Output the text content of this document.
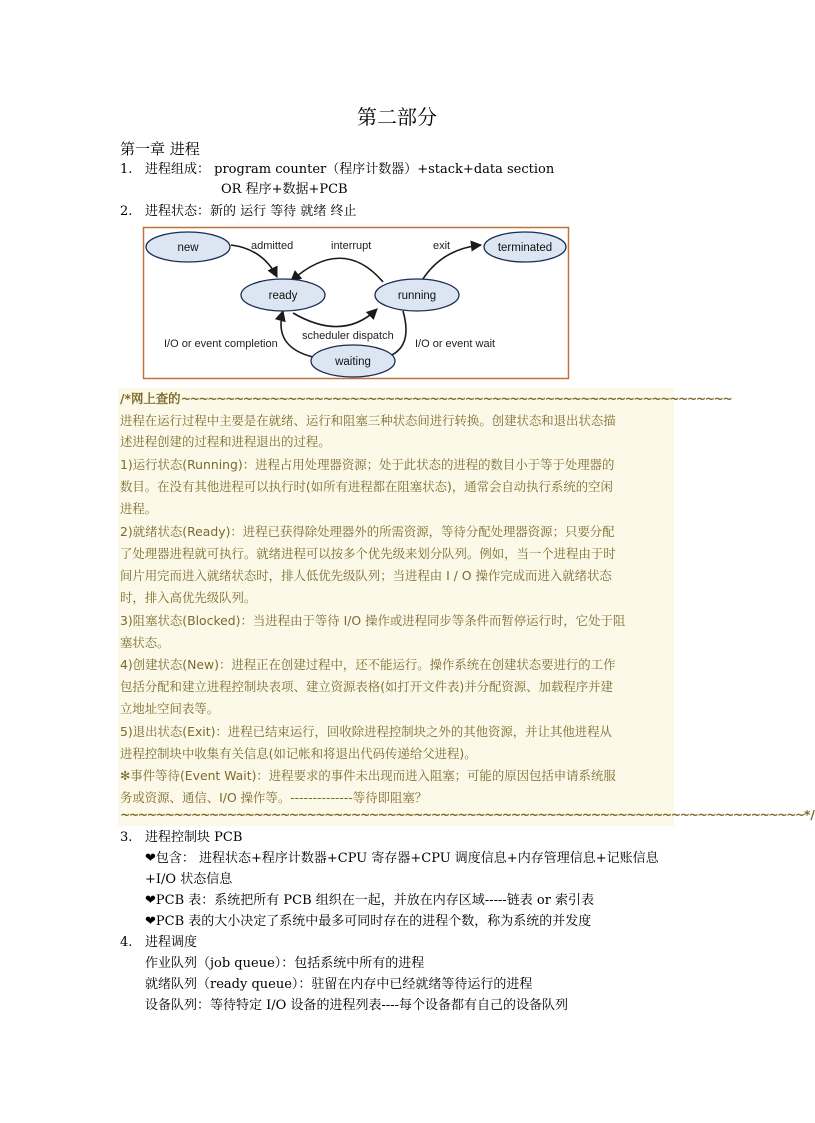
第二部分
第一章 进程
1. 进程组成： program counter（程序计数器）+stack+data section
OR 程序+数据+PCB
2. 进程状态：新的 运行 等待 就绪 终止
new
ready	running
terminated
waiting
admitted	interrupt	exit
scheduler dispatch
I/O or event completion	I/O or event wait
/*网上查的~~~~~~~~~~~~~~~~~~~~~~~~~~~~~~~~~~~~~~~~~~~~~~~~~~~~~~~~~~~~~~
进程在运行过程中主要是在就绪、运行和阻塞三种状态间进行转换。创建状态和退出状态描
述进程创建的过程和进程退出的过程。
1)运行状态(Running)：进程占用处理器资源；处于此状态的进程的数目小于等于处理器的
数目。在没有其他进程可以执行时(如所有进程都在阻塞状态)，通常会自动执行系统的空闲
进程。
2)就绪状态(Ready)：进程已获得除处理器外的所需资源，等待分配处理器资源；只要分配
了处理器进程就可执行。就绪进程可以按多个优先级来划分队列。例如，当一个进程由于时
间片用完而进入就绪状态时，排人低优先级队列；当进程由 I / O 操作完成而进入就绪状态
时，排入高优先级队列。
3)阻塞状态(Blocked)：当进程由于等待 I/O 操作或进程同步等条件而暂停运行时，它处于阻
塞状态。
4)创建状态(New)：进程正在创建过程中，还不能运行。操作系统在创建状态要进行的工作
包括分配和建立进程控制块表项、建立资源表格(如打开文件表)并分配资源、加载程序并建
立地址空间表等。
5)退出状态(Exit)：进程已结束运行，回收除进程控制块之外的其他资源，并让其他进程从
进程控制块中收集有关信息(如记帐和将退出代码传递给父进程)。
✻事件等待(Event Wait)：进程要求的事件未出现而进入阻塞；可能的原因包括申请系统服
务或资源、通信、I/O 操作等。--------------等待即阻塞？
~~~~~~~~~~~~~~~~~~~~~~~~~~~~~~~~~~~~~~~~~~~~~~~~~~~~~~~~~~~~~~~~~~~~~~~~~~~~~*/
3. 进程控制块 PCB
❤包含： 进程状态+程序计数器+CPU 寄存器+CPU 调度信息+内存管理信息+记账信息
+I/O 状态信息
❤PCB 表：系统把所有 PCB 组织在一起，并放在内存区域-----链表 or 索引表
❤PCB 表的大小决定了系统中最多可同时存在的进程个数，称为系统的并发度
4. 进程调度
作业队列（job queue）：包括系统中所有的进程
就绪队列（ready queue）：驻留在内存中已经就绪等待运行的进程
设备队列：等待特定 I/O 设备的进程列表----每个设备都有自己的设备队列
